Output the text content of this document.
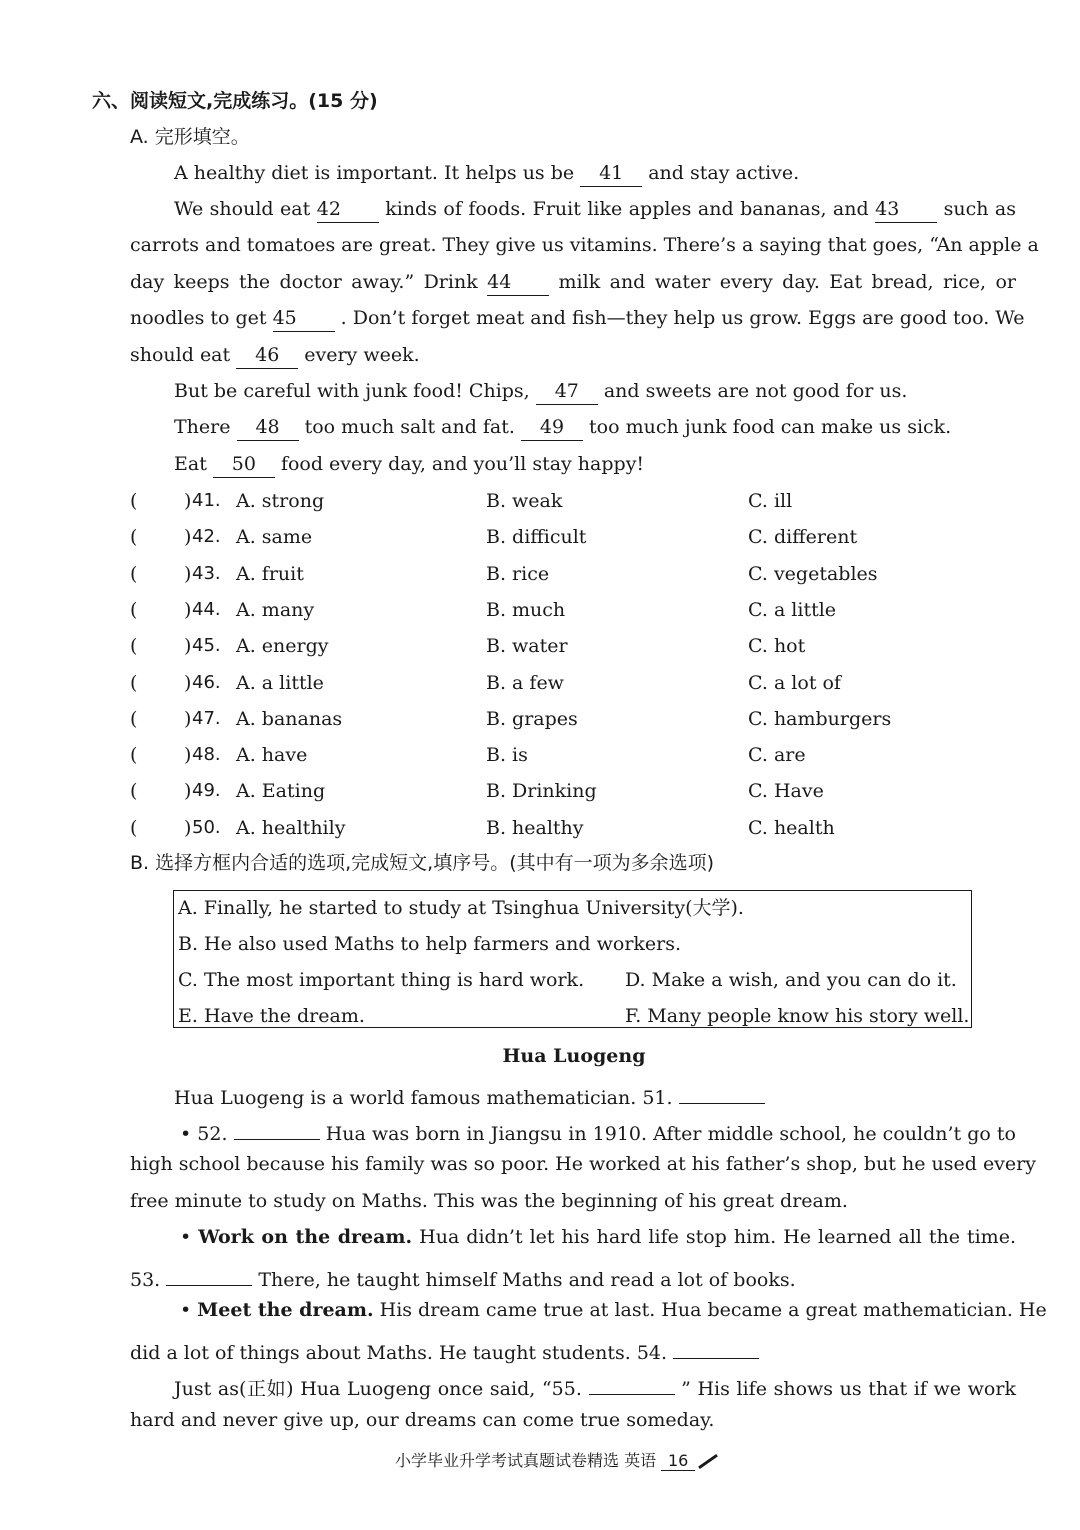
六、阅读短文,完成练习。(15 分)
A. 完形填空。
A healthy diet is important. It helps us be 41 and stay active.
We should eat 42 kinds of foods. Fruit like apples and bananas, and 43 such as
carrots and tomatoes are great. They give us vitamins. There’s a saying that goes, “An apple a
day keeps the doctor away.” Drink 44 milk and water every day. Eat bread, rice, or
noodles to get 45 . Don’t forget meat and fish—they help us grow. Eggs are good too. We
should eat 46 every week.
But be careful with junk food! Chips, 47 and sweets are not good for us.
There 48 too much salt and fat. 49 too much junk food can make us sick.
Eat 50 food every day, and you’ll stay happy!
( ) 41. A. strong	B. weak	C. ill
( ) 42. A. same	B. difficult	C. different
( ) 43. A. fruit	B. rice	C. vegetables
( ) 44. A. many	B. much	C. a little
( ) 45. A. energy	B. water	C. hot
( ) 46. A. a little	B. a few	C. a lot of
( ) 47. A. bananas	B. grapes	C. hamburgers
( ) 48. A. have	B. is	C. are
( ) 49. A. Eating	B. Drinking	C. Have
( ) 50. A. healthily	B. healthy	C. health
B. 选择方框内合适的选项,完成短文,填序号。(其中有一项为多余选项)
A. Finally, he started to study at Tsinghua University(大学).
B. He also used Maths to help farmers and workers.
C. The most important thing is hard work. D. Make a wish, and you can do it.
E. Have the dream.	F. Many people know his story well.
Hua Luogeng
Hua Luogeng is a world famous mathematician. 51.
• 52.	Hua was born in Jiangsu in 1910. After middle school, he couldn’t go to
high school because his family was so poor. He worked at his father’s shop, but he used every
free minute to study on Maths. This was the beginning of his great dream.
• Work on the dream. Hua didn’t let his hard life stop him. He learned all the time.
53.	There, he taught himself Maths and read a lot of books.
• Meet the dream. His dream came true at last. Hua became a great mathematician. He
did a lot of things about Maths. He taught students. 54.
Just as(正如) Hua Luogeng once said, “55.	” His life shows us that if we work
hard and never give up, our dreams can come true someday.
小学毕业升学考试真题试卷精选 英语 16
